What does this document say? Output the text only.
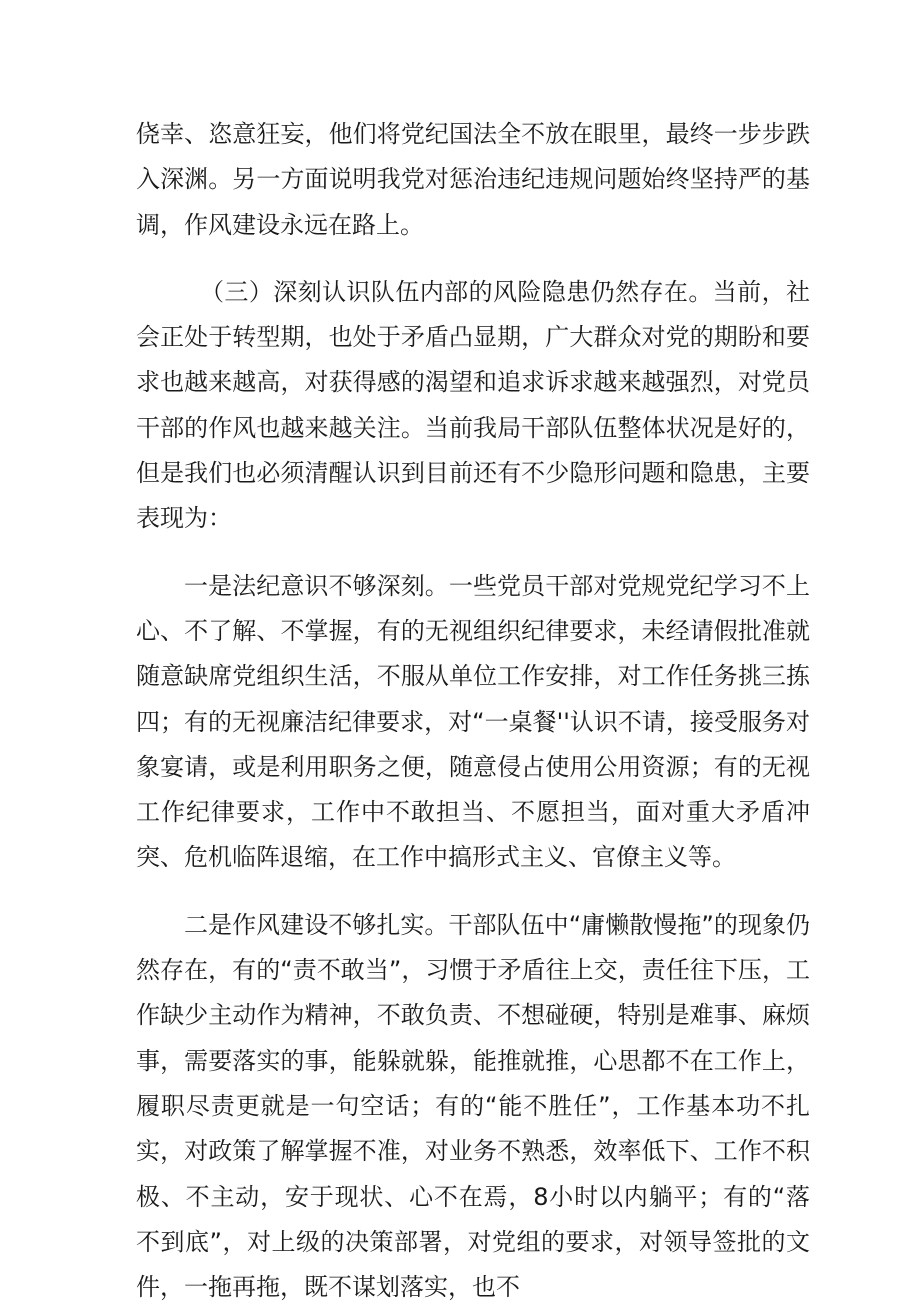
侥幸、恣意狂妄，他们将党纪国法全不放在眼里，最终一步步跌入深渊。另一方面说明我党对惩治违纪违规问题始终坚持严的基调，作风建设永远在路上。

（三）深刻认识队伍内部的风险隐患仍然存在。当前，社会正处于转型期，也处于矛盾凸显期，广大群众对党的期盼和要求也越来越高，对获得感的渴望和追求诉求越来越强烈，对党员干部的作风也越来越关注。当前我局干部队伍整体状况是好的，但是我们也必须清醒认识到目前还有不少隐形问题和隐患，主要表现为：

一是法纪意识不够深刻。一些党员干部对党规党纪学习不上心、不了解、不掌握，有的无视组织纪律要求，未经请假批准就随意缺席党组织生活，不服从单位工作安排，对工作任务挑三拣四；有的无视廉洁纪律要求，对“一桌餐''认识不请，接受服务对象宴请，或是利用职务之便，随意侵占使用公用资源；有的无视工作纪律要求，工作中不敢担当、不愿担当，面对重大矛盾冲突、危机临阵退缩，在工作中搞形式主义、官僚主义等。

二是作风建设不够扎实。干部队伍中“庸懒散慢拖”的现象仍然存在，有的“责不敢当”，习惯于矛盾往上交，责任往下压，工作缺少主动作为精神，不敢负责、不想碰硬，特别是难事、麻烦事，需要落实的事，能躲就躲，能推就推，心思都不在工作上，履职尽责更就是一句空话；有的“能不胜任”，工作基本功不扎实，对政策了解掌握不准，对业务不熟悉，效率低下、工作不积极、不主动，安于现状、心不在焉，8小时以内躺平；有的“落不到底”，对上级的决策部署，对党组的要求，对领导签批的文件，一拖再拖，既不谋划落实，也不
